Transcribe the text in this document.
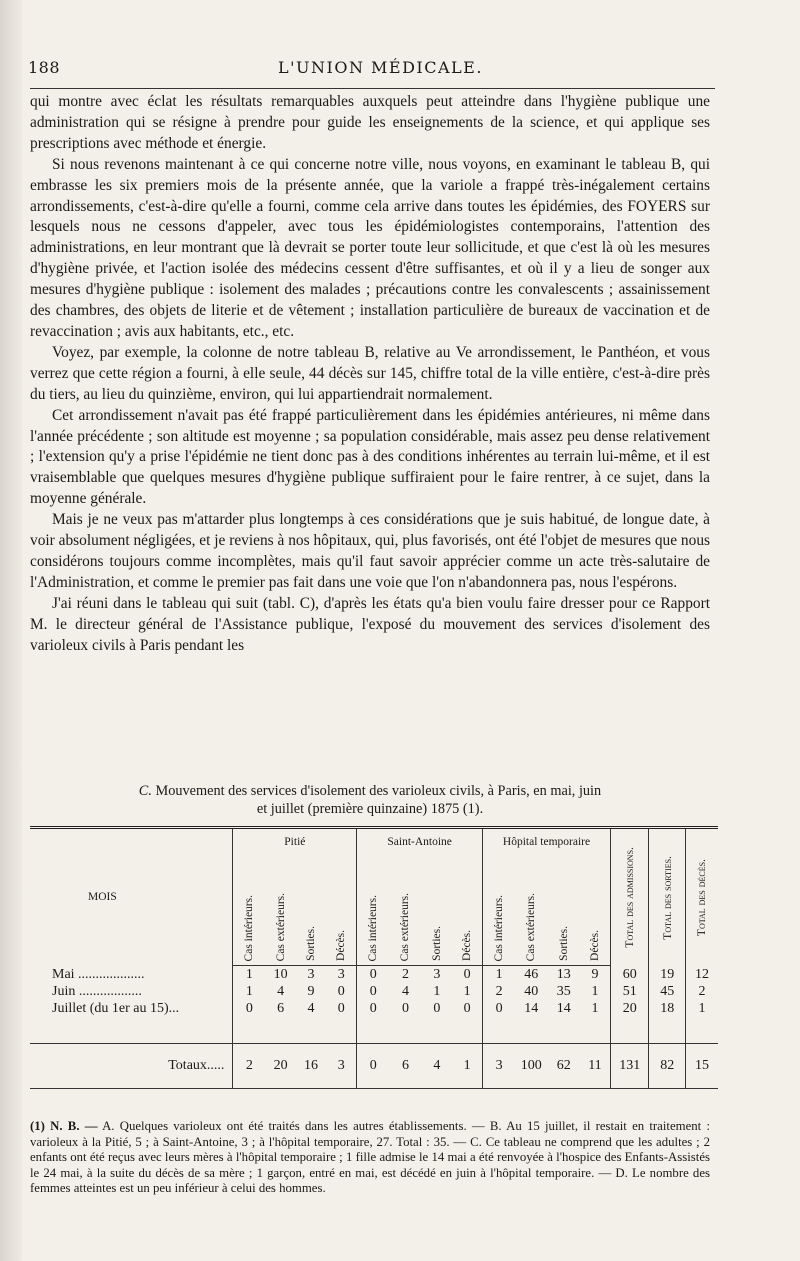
188	L'UNION MÉDICALE.

qui montre avec éclat les résultats remarquables auxquels peut atteindre dans l'hygiène publique une administration qui se résigne à prendre pour guide les enseignements de la science, et qui applique ses prescriptions avec méthode et énergie.

Si nous revenons maintenant à ce qui concerne notre ville, nous voyons, en examinant le tableau B, qui embrasse les six premiers mois de la présente année, que la variole a frappé très-inégalement certains arrondissements, c'est-à-dire qu'elle a fourni, comme cela arrive dans toutes les épidémies, des FOYERS sur lesquels nous ne cessons d'appeler, avec tous les épidémiologistes contemporains, l'attention des administrations, en leur montrant que là devrait se porter toute leur sollicitude, et que c'est là où les mesures d'hygiène privée, et l'action isolée des médecins cessent d'être suffisantes, et où il y a lieu de songer aux mesures d'hygiène publique : isolement des malades ; précautions contre les convalescents ; assainissement des chambres, des objets de literie et de vêtement ; installation particulière de bureaux de vaccination et de revaccination ; avis aux habitants, etc., etc.

Voyez, par exemple, la colonne de notre tableau B, relative au Ve arrondissement, le Panthéon, et vous verrez que cette région a fourni, à elle seule, 44 décès sur 145, chiffre total de la ville entière, c'est-à-dire près du tiers, au lieu du quinzième, environ, qui lui appartiendrait normalement.

Cet arrondissement n'avait pas été frappé particulièrement dans les épidémies antérieures, ni même dans l'année précédente ; son altitude est moyenne ; sa population considérable, mais assez peu dense relativement ; l'extension qu'y a prise l'épidémie ne tient donc pas à des conditions inhérentes au terrain lui-même, et il est vraisemblable que quelques mesures d'hygiène publique suffiraient pour le faire rentrer, à ce sujet, dans la moyenne générale.

Mais je ne veux pas m'attarder plus longtemps à ces considérations que je suis habitué, de longue date, à voir absolument négligées, et je reviens à nos hôpitaux, qui, plus favorisés, ont été l'objet de mesures que nous considérons toujours comme incomplètes, mais qu'il faut savoir apprécier comme un acte très-salutaire de l'Administration, et comme le premier pas fait dans une voie que l'on n'abandonnera pas, nous l'espérons.

J'ai réuni dans le tableau qui suit (tabl. C), d'après les états qu'a bien voulu faire dresser pour ce Rapport M. le directeur général de l'Assistance publique, l'exposé du mouvement des services d'isolement des varioleux civils à Paris pendant les

C. Mouvement des services d'isolement des varioleux civils, à Paris, en mai, juin
et juillet (première quinzaine) 1875 (1).
MOIS	Pitié				Saint-Antoine				Hôpital temporaire				Total des admissions.	Total des sorties.	Total des décès.
	Cas intérieurs.	Cas extérieurs.	Sorties.	Décès.	Cas intérieurs.	Cas extérieurs.	Sorties.	Décès.	Cas intérieurs.	Cas extérieurs.	Sorties.	Décès.			
Mai ...................	1	10	3	3	0	2	3	0	1	46	13	9	60	19	12
Juin ..................	1	4	9	0	0	4	1	1	2	40	35	1	51	45	2
Juillet (du 1er au 15)...	0	6	4	0	0	0	0	0	0	14	14	1	20	18	1

Totaux.....	2	20	16	3	0	6	4	1	3	100	62	11	131	82	15

(1) N. B. — A. Quelques varioleux ont été traités dans les autres établissements. — B. Au 15 juillet, il restait en traitement : varioleux à la Pitié, 5 ; à Saint-Antoine, 3 ; à l'hôpital temporaire, 27. Total : 35. — C. Ce tableau ne comprend que les adultes ; 2 enfants ont été reçus avec leurs mères à l'hôpital temporaire ; 1 fille admise le 14 mai a été renvoyée à l'hospice des Enfants-Assistés le 24 mai, à la suite du décès de sa mère ; 1 garçon, entré en mai, est décédé en juin à l'hôpital temporaire. — D. Le nombre des femmes atteintes est un peu inférieur à celui des hommes.
